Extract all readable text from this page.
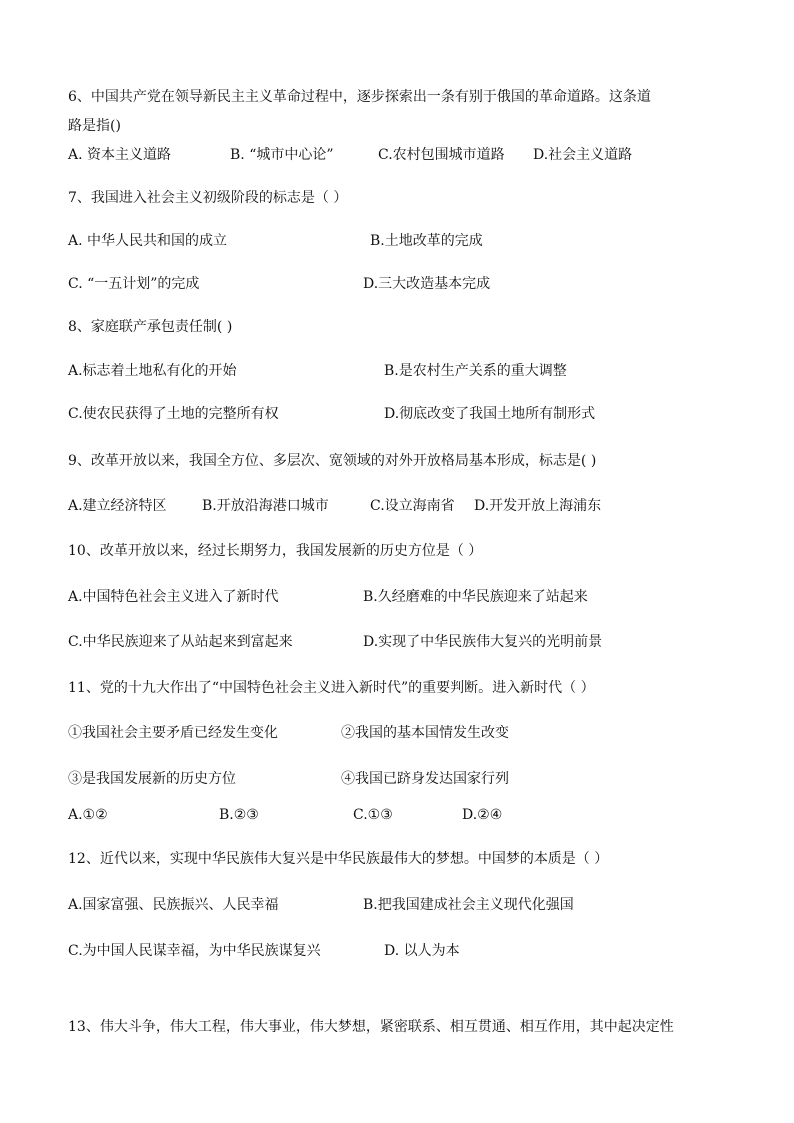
6、中国共产党在领导新民主主义革命过程中，逐步探索出一条有别于俄国的革命道路。这条道
路是指()
A. 资本主义道路	B. “城市中心论”	C.农村包围城市道路 D.社会主义道路
7、我国进入社会主义初级阶段的标志是（ ）
A. 中华人民共和国的成立	B.土地改革的完成
C. “一五计划”的完成	D.三大改造基本完成
8、家庭联产承包责任制( )
A.标志着土地私有化的开始	B.是农村生产关系的重大调整
C.使农民获得了土地的完整所有权	D.彻底改变了我国土地所有制形式
9、改革开放以来，我国全方位、多层次、宽领域的对外开放格局基本形成，标志是( )
A.建立经济特区	B.开放沿海港口城市	C.设立海南省 D.开发开放上海浦东
10、改革开放以来，经过长期努力，我国发展新的历史方位是（ ）
A.中国特色社会主义进入了新时代	B.久经磨难的中华民族迎来了站起来
C.中华民族迎来了从站起来到富起来	D.实现了中华民族伟大复兴的光明前景
11、党的十九大作出了“中国特色社会主义进入新时代”的重要判断。进入新时代（ ）
①我国社会主要矛盾已经发生变化	②我国的基本国情发生改变
③是我国发展新的历史方位	④我国已跻身发达国家行列
A.①②	B.②③	C.①③	D.②④
12、近代以来，实现中华民族伟大复兴是中华民族最伟大的梦想。中国梦的本质是（ ）
A.国家富强、民族振兴、人民幸福	B.把我国建成社会主义现代化强国
C.为中国人民谋幸福，为中华民族谋复兴	D. 以人为本
13、伟大斗争，伟大工程，伟大事业，伟大梦想，紧密联系、相互贯通、相互作用，其中起决定性
